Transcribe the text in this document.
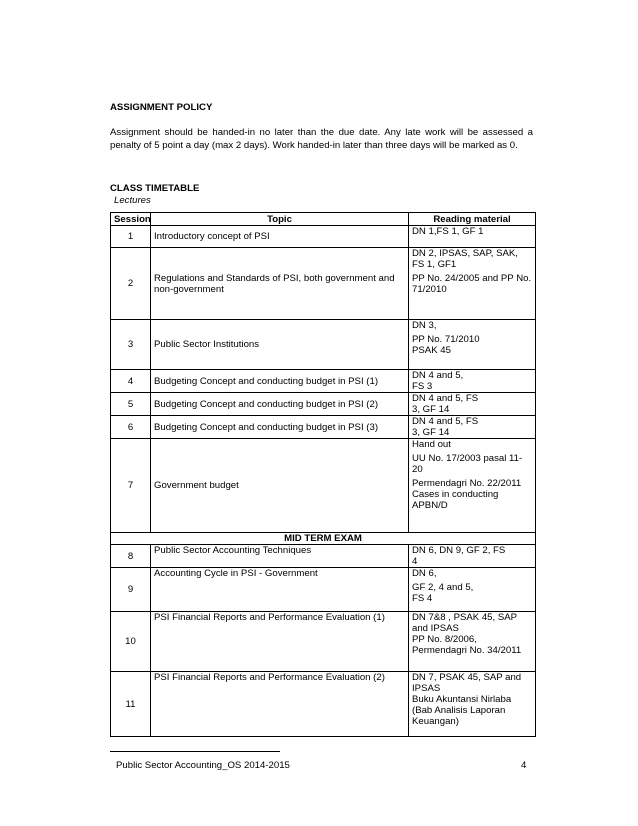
ASSIGNMENT POLICY
Assignment should be handed-in no later than the due date. Any late work will be assessed a penalty of 5 point a day (max 2 days). Work handed-in later than three days will be marked as 0.
CLASS TIMETABLE
Lectures
Session	Topic	Reading material
1	Introductory concept of PSI	DN 1,FS 1, GF 1

2	Regulations and Standards of PSI, both government and non-government	DN 2, IPSAS, SAP, SAK, FS 1, GF1
PP No. 24/2005 and PP No. 71/2010

3	Public Sector Institutions	DN 3,
PP No. 71/2010
PSAK 45

4	Budgeting Concept and conducting budget in PSI (1)	DN 4 and 5,
FS 3

5	Budgeting Concept and conducting budget in PSI (2)	DN 4 and 5, FS
3, GF 14

6	Budgeting Concept and conducting budget in PSI (3)	DN 4 and 5, FS
3, GF 14

7	Government budget	Hand out
UU No. 17/2003 pasal 11-20
Permendagri No. 22/2011
Cases in conducting APBN/D

MID TERM EXAM		
8	Public Sector Accounting Techniques	DN 6, DN 9, GF 2, FS
4

9	Accounting Cycle in PSI - Government	DN 6,
GF 2, 4 and 5,
FS 4

10	PSI Financial Reports and Performance Evaluation (1)	DN 7&8 , PSAK 45, SAP and IPSAS
PP No. 8/2006, Permendagri No. 34/2011

11	PSI Financial Reports and Performance Evaluation (2)	DN 7, PSAK 45, SAP and IPSAS
Buku Akuntansi Nirlaba (Bab Analisis Laporan Keuangan)
Public Sector Accounting_OS 2014-2015	4
